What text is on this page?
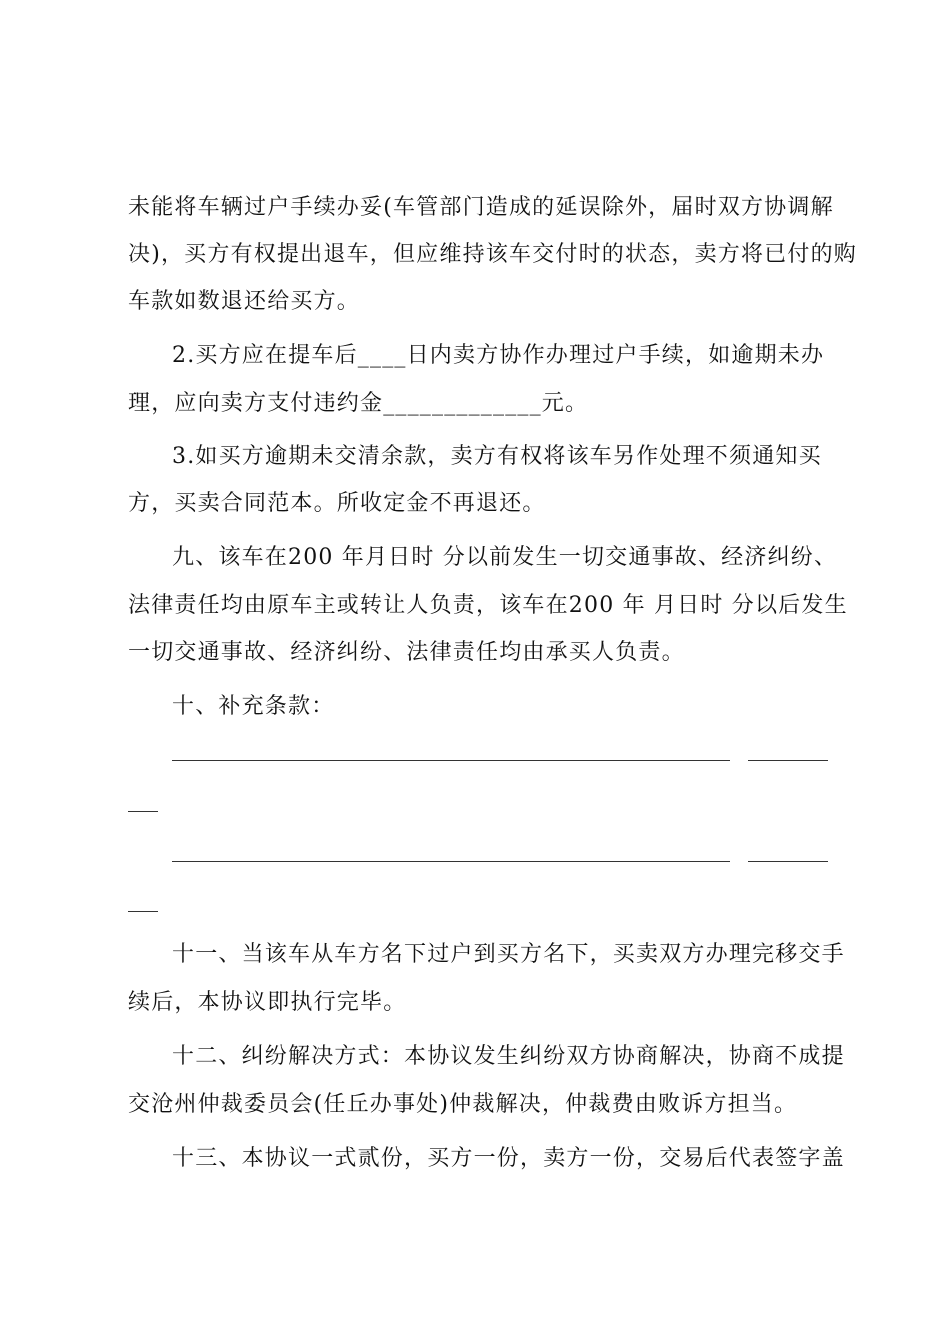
未能将车辆过户手续办妥(车管部门造成的延误除外，届时双方协调解
决)，买方有权提出退车，但应维持该车交付时的状态，卖方将已付的购
车款如数退还给买方。
2.买方应在提车后____日内卖方协作办理过户手续，如逾期未办
理，应向卖方支付违约金_____________元。
3.如买方逾期未交清余款，卖方有权将该车另作处理不须通知买
方，买卖合同范本。所收定金不再退还。
九、该车在200 年月日时 分以前发生一切交通事故、经济纠纷、
法律责任均由原车主或转让人负责，该车在200 年 月日时 分以后发生
一切交通事故、经济纠纷、法律责任均由承买人负责。
十、补充条款：
十一、当该车从车方名下过户到买方名下，买卖双方办理完移交手
续后，本协议即执行完毕。
十二、纠纷解决方式：本协议发生纠纷双方协商解决，协商不成提
交沧州仲裁委员会(任丘办事处)仲裁解决，仲裁费由败诉方担当。
十三、本协议一式贰份，买方一份，卖方一份，交易后代表签字盖
